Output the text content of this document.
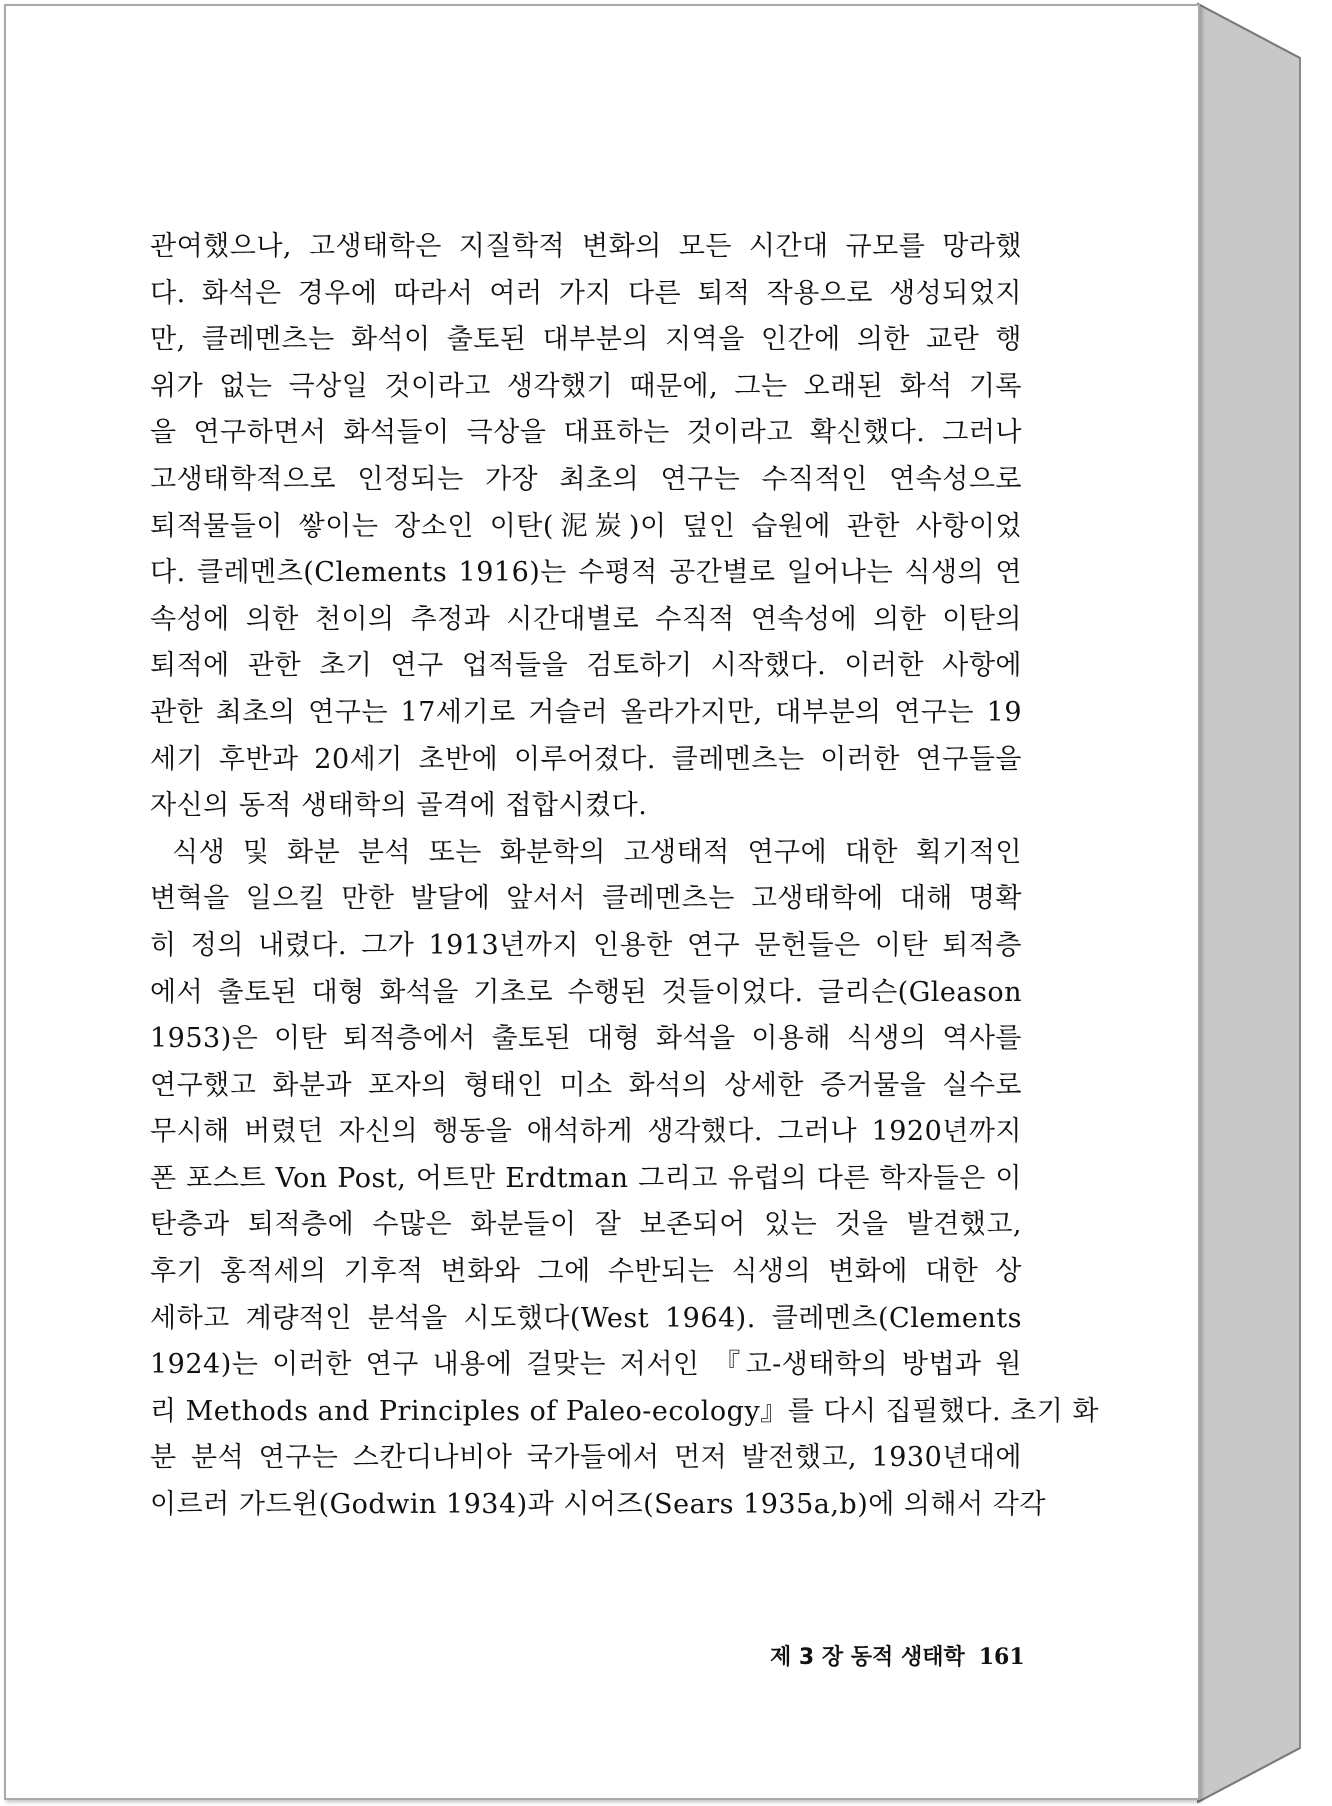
관여했으나, 고생태학은 지질학적 변화의 모든 시간대 규모를 망라했
다. 화석은 경우에 따라서 여러 가지 다른 퇴적 작용으로 생성되었지
만, 클레멘츠는 화석이 출토된 대부분의 지역을 인간에 의한 교란 행
위가 없는 극상일 것이라고 생각했기 때문에, 그는 오래된 화석 기록
을 연구하면서 화석들이 극상을 대표하는 것이라고 확신했다. 그러나
고생태학적으로 인정되는 가장 최초의 연구는 수직적인 연속성으로
퇴적물들이 쌓이는 장소인 이탄(泥炭)이 덮인 습원에 관한 사항이었
다. 클레멘츠(Clements 1916)는 수평적 공간별로 일어나는 식생의 연
속성에 의한 천이의 추정과 시간대별로 수직적 연속성에 의한 이탄의
퇴적에 관한 초기 연구 업적들을 검토하기 시작했다. 이러한 사항에
관한 최초의 연구는 17세기로 거슬러 올라가지만, 대부분의 연구는 19
세기 후반과 20세기 초반에 이루어졌다. 클레멘츠는 이러한 연구들을
자신의 동적 생태학의 골격에 접합시켰다.
식생 및 화분 분석 또는 화분학의 고생태적 연구에 대한 획기적인
변혁을 일으킬 만한 발달에 앞서서 클레멘츠는 고생태학에 대해 명확
히 정의 내렸다. 그가 1913년까지 인용한 연구 문헌들은 이탄 퇴적층
에서 출토된 대형 화석을 기초로 수행된 것들이었다. 글리슨(Gleason
1953)은 이탄 퇴적층에서 출토된 대형 화석을 이용해 식생의 역사를
연구했고 화분과 포자의 형태인 미소 화석의 상세한 증거물을 실수로
무시해 버렸던 자신의 행동을 애석하게 생각했다. 그러나 1920년까지
폰 포스트 Von Post, 어트만 Erdtman 그리고 유럽의 다른 학자들은 이
탄층과 퇴적층에 수많은 화분들이 잘 보존되어 있는 것을 발견했고,
후기 홍적세의 기후적 변화와 그에 수반되는 식생의 변화에 대한 상
세하고 계량적인 분석을 시도했다(West 1964). 클레멘츠(Clements
1924)는 이러한 연구 내용에 걸맞는 저서인 『고-생태학의 방법과 원
리 Methods and Principles of Paleo-ecology』를 다시 집필했다. 초기 화
분 분석 연구는 스칸디나비아 국가들에서 먼저 발전했고, 1930년대에
이르러 가드윈(Godwin 1934)과 시어즈(Sears 1935a,b)에 의해서 각각
제 3 장 동적 생태학 161
